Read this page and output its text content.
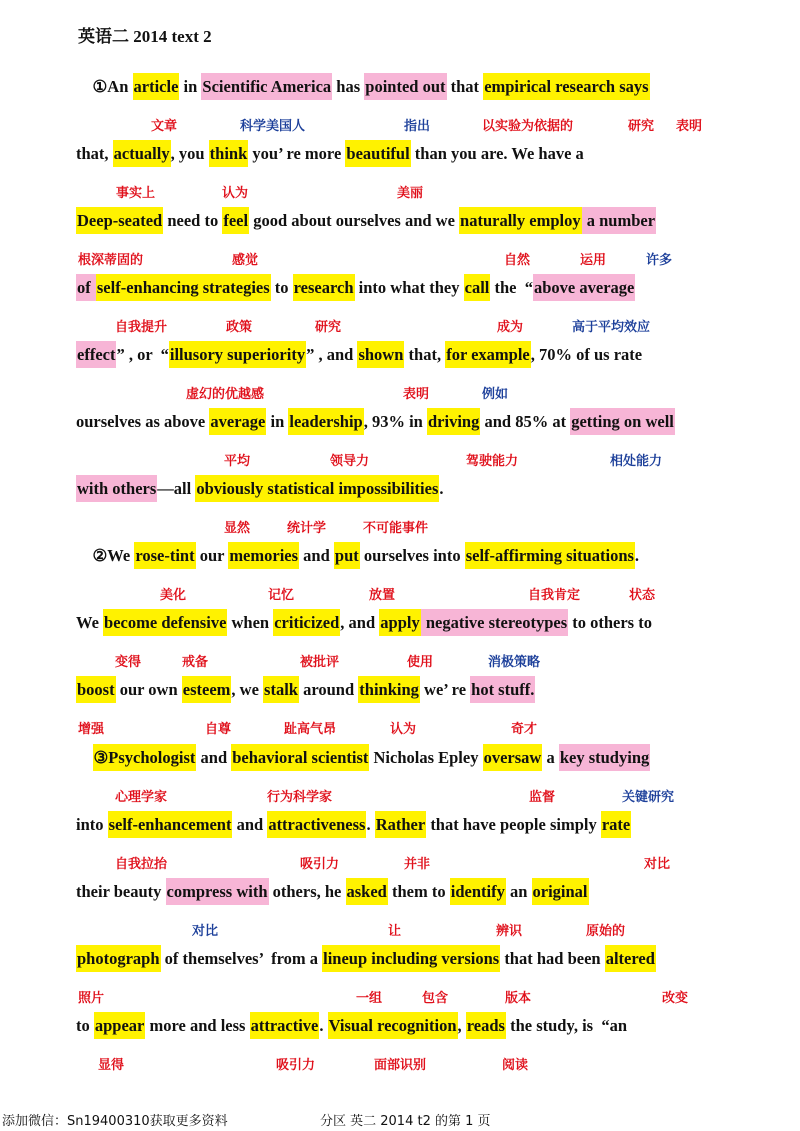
英语二 2014 text 2
①An article in Scientific America has pointed out that empirical research says
that, actually, you think you’ re more beautiful than you are. We have a
Deep-seated need to feel good about ourselves and we naturally employ a number
of self-enhancing strategies to research into what they call the  “above average
effect” , or  “illusory superiority” , and shown that, for example, 70% of us rate
ourselves as above average in leadership, 93% in driving and 85% at getting on well
with others—all obviously statistical impossibilities.
②We rose-tint our memories and put ourselves into self-affirming situations.
We become defensive when criticized, and apply negative stereotypes to others to
boost our own esteem, we stalk around thinking we’ re hot stuff.
③Psychologist and behavioral scientist Nicholas Epley oversaw a key studying
into self-enhancement and attractiveness. Rather that have people simply rate
their beauty compress with others, he asked them to identify an original
photograph of themselves’  from a lineup including versions that had been altered
to appear more and less attractive. Visual recognition, reads the study, is  “an
文章	科学美国人	指出	以实验为依据的	研究 表明
事实上	认为	美丽
根深蒂固的	感觉	自然	运用	许多
自我提升	政策	研究	成为	高于平均效应
虚幻的优越感	表明	例如
平均	领导力	驾驶能力	相处能力
显然	统计学	不可能事件
美化	记忆	放置	自我肯定	状态
变得	戒备	被批评	使用	消极策略
增强	自尊	趾高气昂	认为	奇才
心理学家	行为科学家	监督	关键研究
自我拉抬	吸引力	并非	对比
对比	让	辨识	原始的
照片	一组	包含	版本	改变
显得	吸引力	面部识别	阅读
添加微信：Sn19400310获取更多资料	分区 英二 2014 t2 的第 1 页
